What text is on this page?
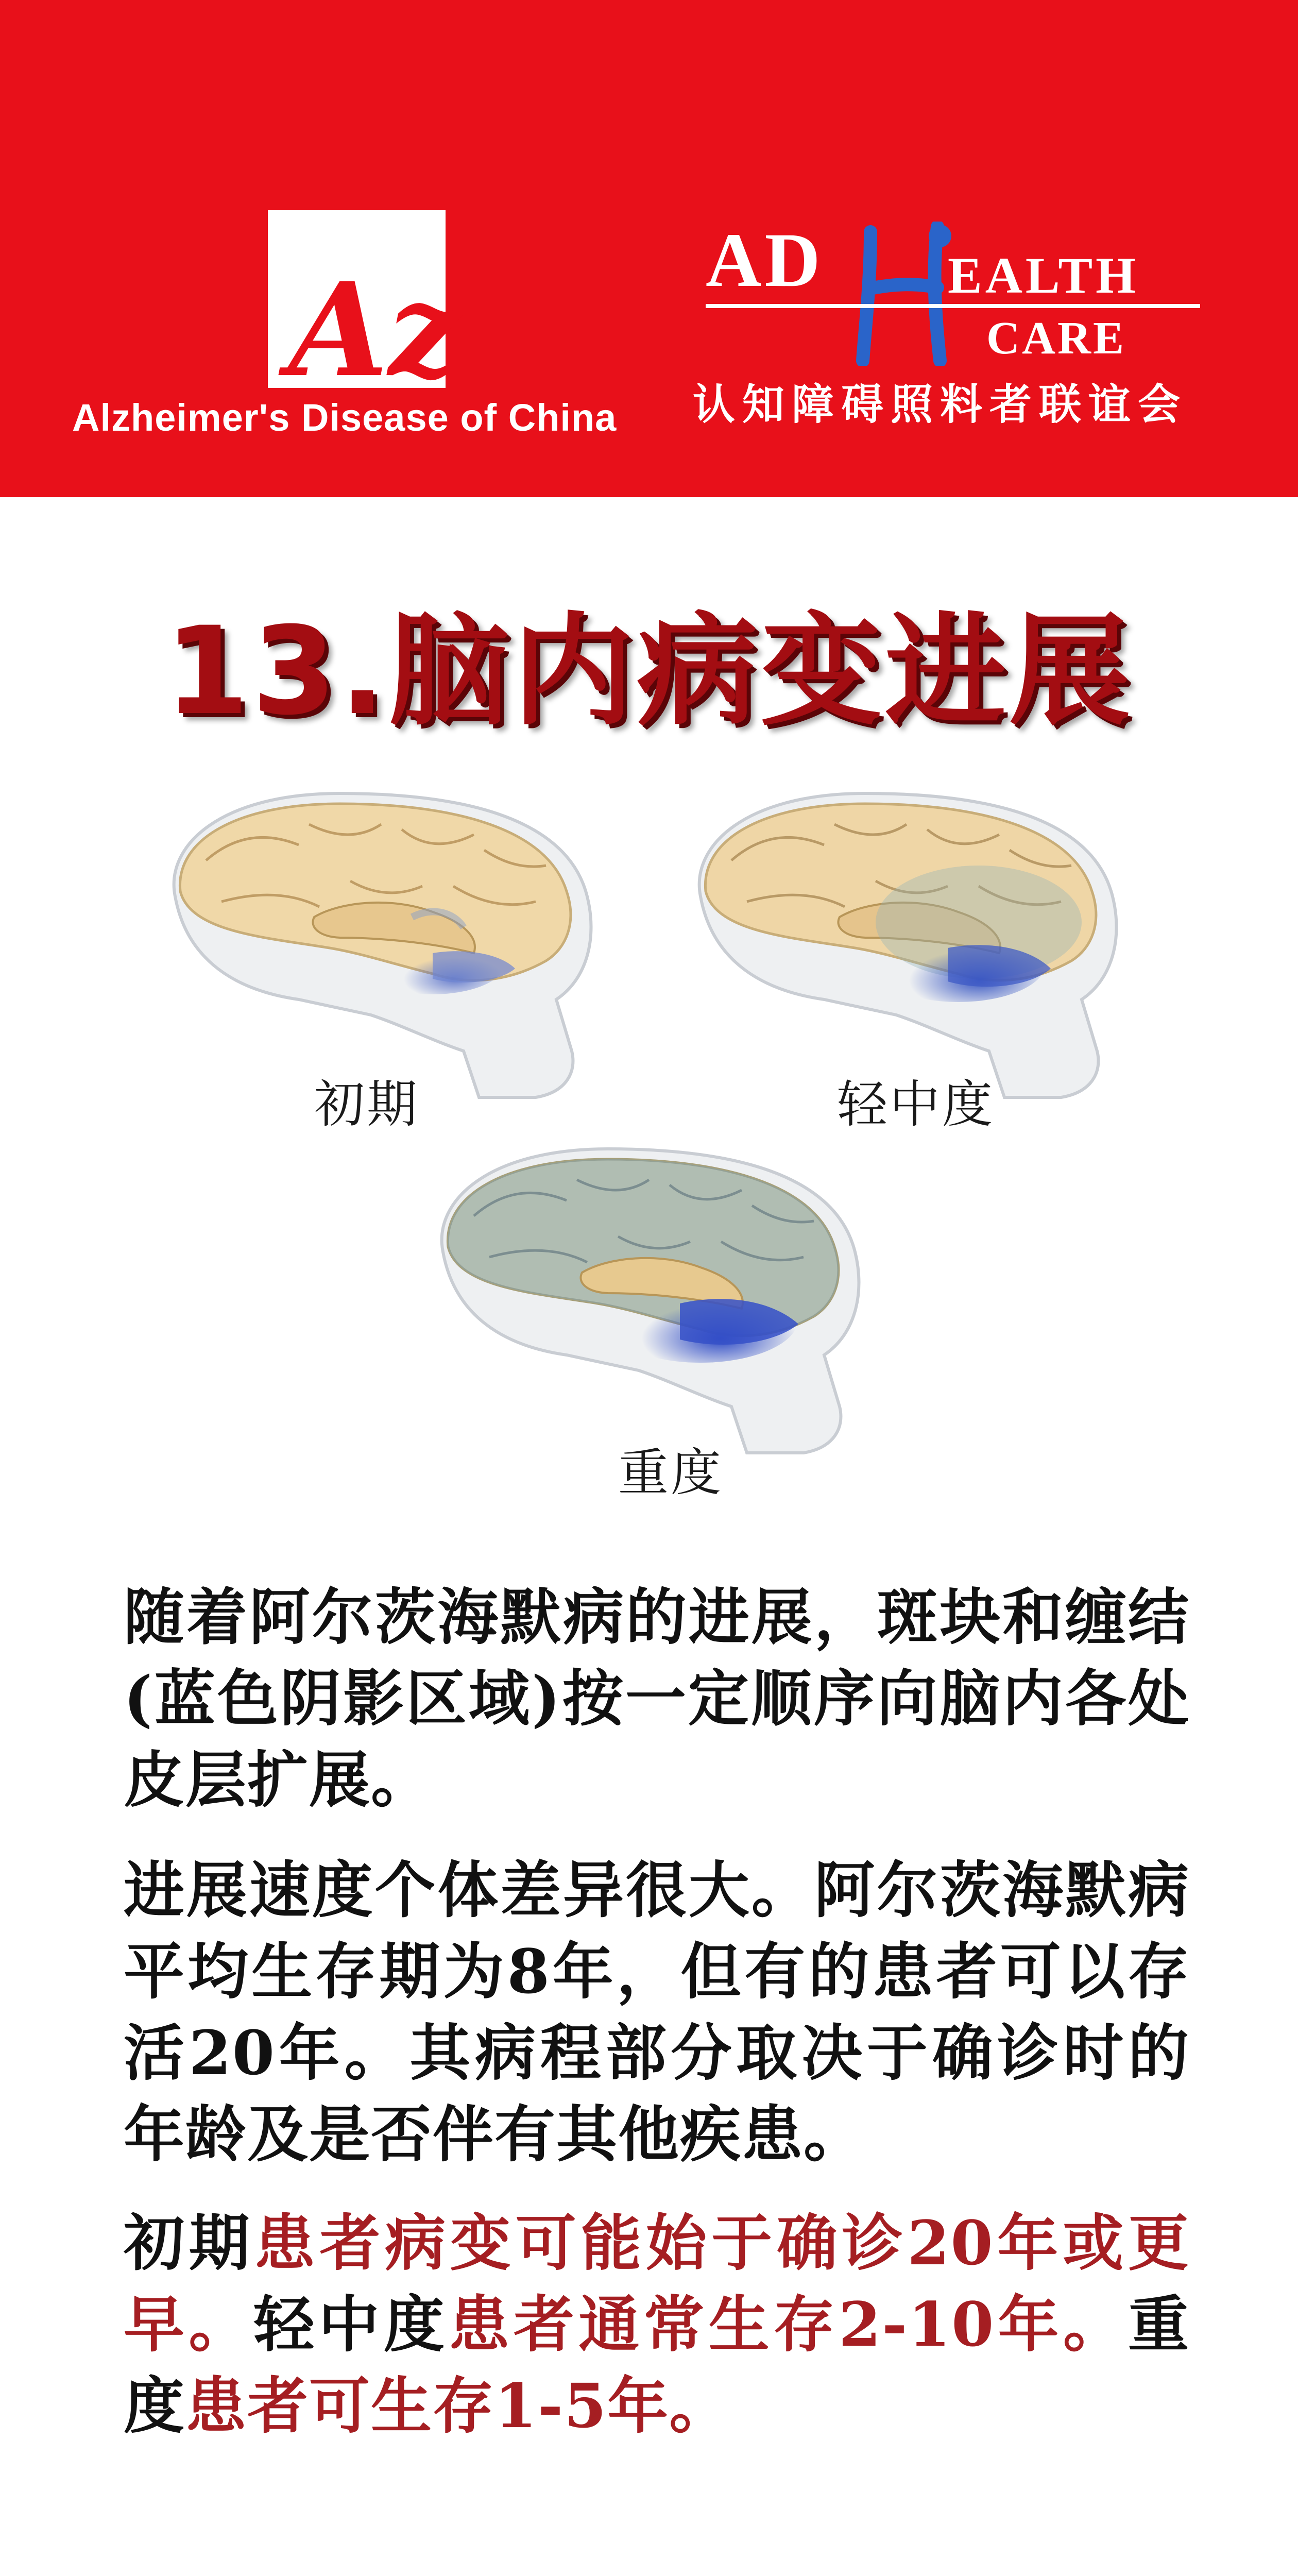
Az
Alzheimer's Disease of China
AD EALTH
CARE
认知障碍照料者联谊会
13.脑内病变进展
初期	轻中度
重度
随着阿尔茨海默病的进展，斑块和缠结(蓝色阴影区域)按一定顺序向脑内各处皮层扩展。
进展速度个体差异很大。阿尔茨海默病平均生存期为8年，但有的患者可以存活20年。其病程部分取决于确诊时的年龄及是否伴有其他疾患。
初期患者病变可能始于确诊20年或更早。轻中度患者通常生存2-10年。重度患者可生存1-5年。
